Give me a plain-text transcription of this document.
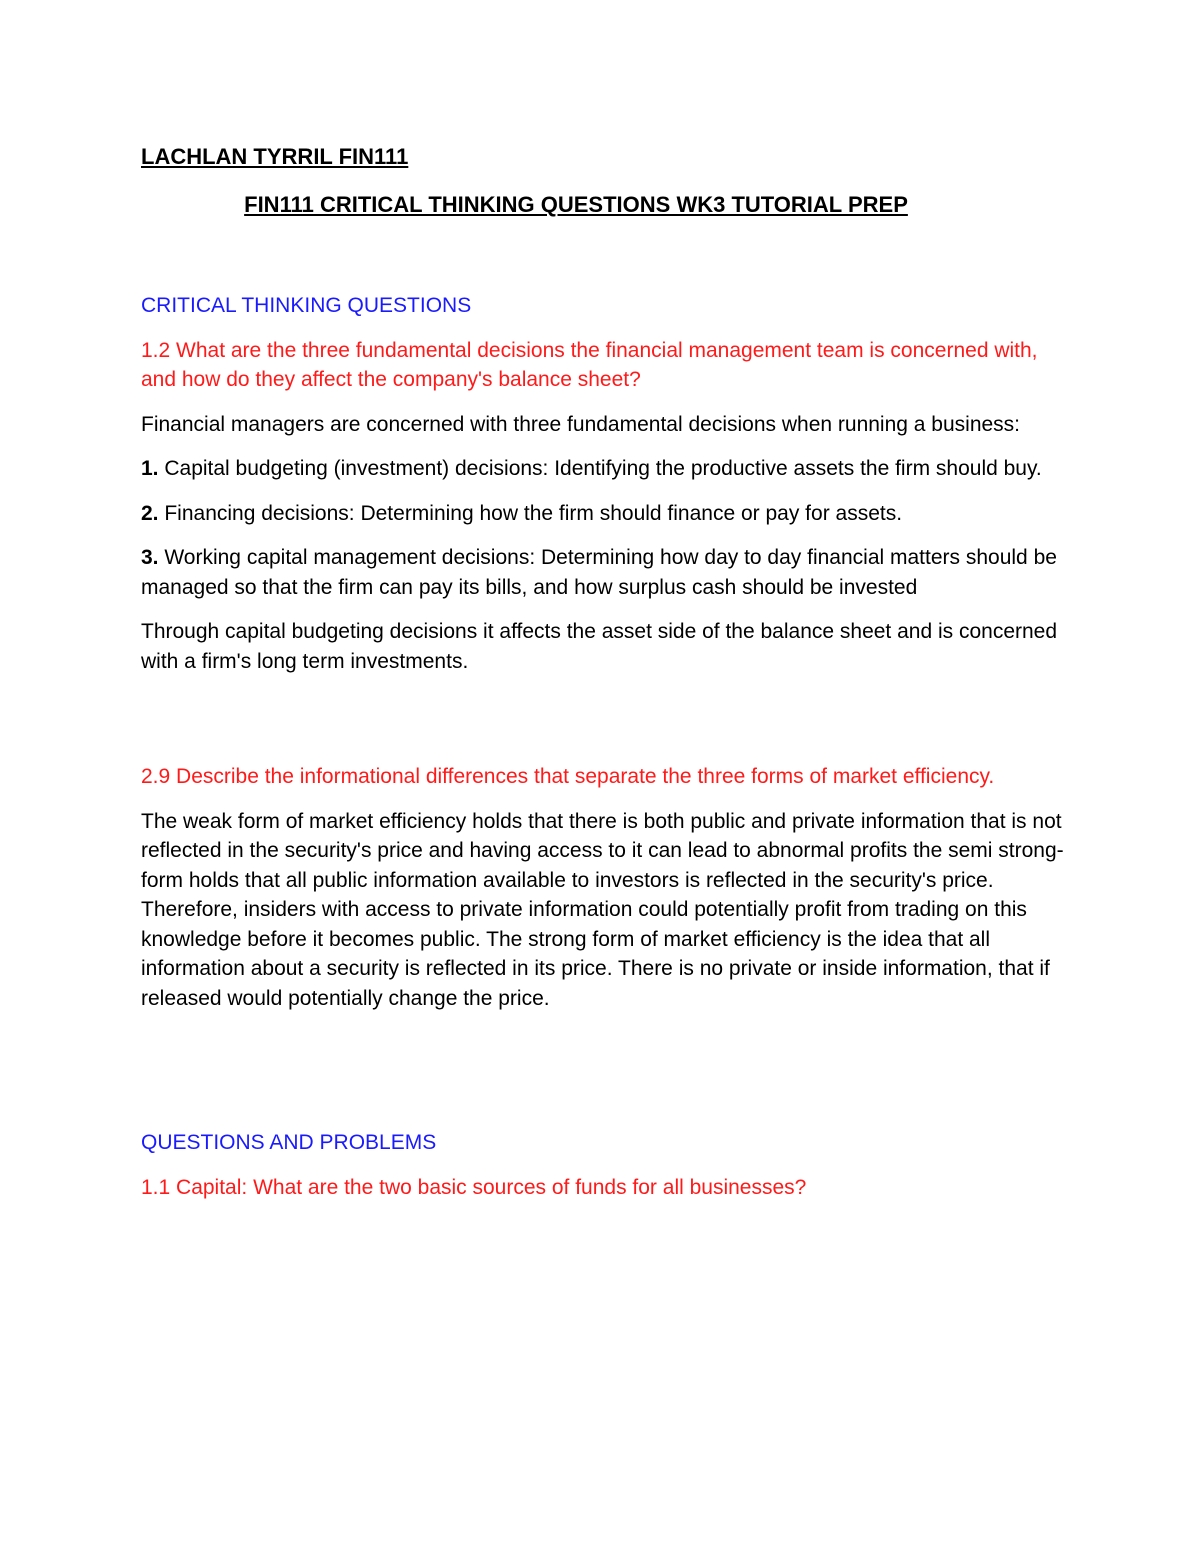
LACHLAN TYRRIL FIN111

FIN111 CRITICAL THINKING QUESTIONS WK3 TUTORIAL PREP

CRITICAL THINKING QUESTIONS

1.2 What are the three fundamental decisions the financial management team is concerned with, and how do they affect the company's balance sheet?

Financial managers are concerned with three fundamental decisions when running a business:

1. Capital budgeting (investment) decisions: Identifying the productive assets the firm should buy.

2. Financing decisions: Determining how the firm should finance or pay for assets.

3. Working capital management decisions: Determining how day to day financial matters should be managed so that the firm can pay its bills, and how surplus cash should be invested

Through capital budgeting decisions it affects the asset side of the balance sheet and is concerned with a firm's long term investments.

2.9 Describe the informational differences that separate the three forms of market efficiency.

The weak form of market efficiency holds that there is both public and private information that is not reflected in the security's price and having access to it can lead to abnormal profits the semi strong-form holds that all public information available to investors is reflected in the security's price. Therefore, insiders with access to private information could potentially profit from trading on this knowledge before it becomes public. The strong form of market efficiency is the idea that all information about a security is reflected in its price. There is no private or inside information, that if released would potentially change the price.

QUESTIONS AND PROBLEMS

1.1 Capital: What are the two basic sources of funds for all businesses?
